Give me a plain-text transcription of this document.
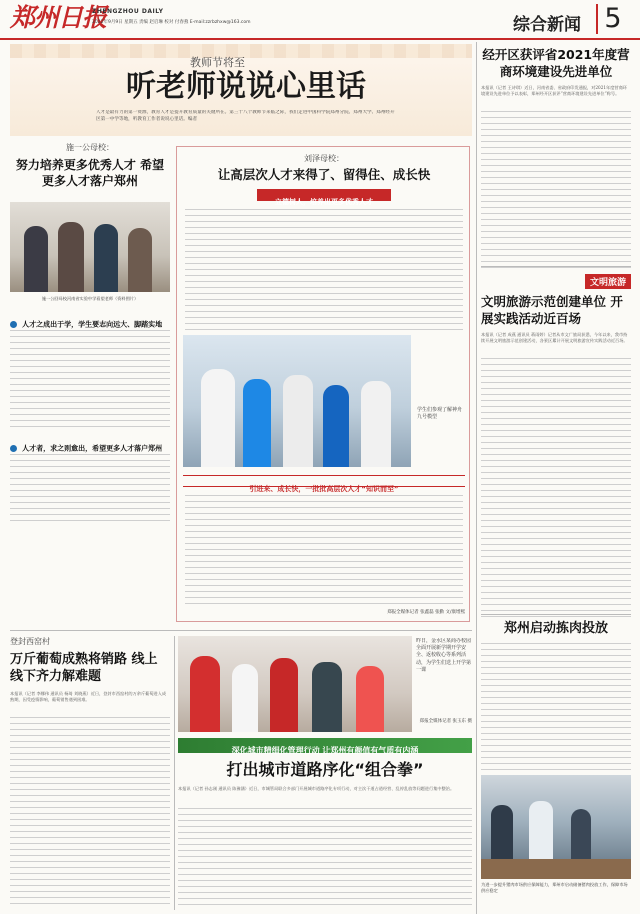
郑州日报
ZHENGZHOU DAILY
2022年9月9日 星期五 责编 赵启琳 校对 付春燕 E-mail:zzrbzhxw@163.com	综合新闻 5
教师节将至
听老师说说心里话
人才是最有力的第一资源，教育人才是提升教育质量的关键所在。第三十八个教师节来临之际，我们走进中国科学院郑州分院、郑州大学、郑州经开区第一中学等地，听教育工作者说说心里话。编者
经开区获评省2021年度营商环境建设先进单位
本报讯（记者 王诗琪）近日，河南省委、省政府印发通报，对2021年度营商环境建设先进单位予以表彰，郑州经开区获评“营商环境建设先进单位”称号。
文明旅游
文明旅游示范创建单位 开展实践活动近百场
本报讯（记者 成燕 通讯员 蒋雨婷）记者从市文广旅局获悉，今年以来，我市持续开展文明旅游示范创建活动，各景区累计开展文明旅游宣传实践活动近百场。
郑州启动拣肉投放
为进一步提升猪肉市场供应保障能力，郑州市启动储备猪肉投放工作，保障市场供应稳定
施一公母校：
努力培养更多优秀人才 希望更多人才落户郑州
施一公回母校河南省实验中学看望老师（资料图片）
人才之成出于学，学生要志向远大、脚踏实地
人才者，求之则愈出，希望更多人才落户郑州
刘泽母校：
让高层次人才来得了、留得住、成长快
立德树人，培养出更多优秀人才
学生们参观了解神舟九号模型
引进来、成长快，一批批高层次人才“知识而至”
郑报全媒体记者 张鑫磊 张勤 文/康增熙
登封西窑村
万斤葡萄成熟将销路 线上线下齐力解难题
本报讯（记者 李娜伟 通讯员 杨琦 刘晓燕）近日，登封市西窑村的万余斤葡萄进入成熟期，因受疫情影响，葡萄销售遇到困难。
昨日，金水区某商办校园全面开展新学期开学安全、返校收心等系列活动，为学生们送上开学第一课
郑报全媒体记者 张玉东 摄
深化城市精细化管理行动 让郑州有颜值有气质有内涵
打出城市道路序化“组合拳”
本报讯（记者 孙志刚 通讯员 陈豫涵）近日，市城管局联合多部门开展城市道路序化专项行动，对主次干道占道经营、乱停乱放等问题进行集中整治。
